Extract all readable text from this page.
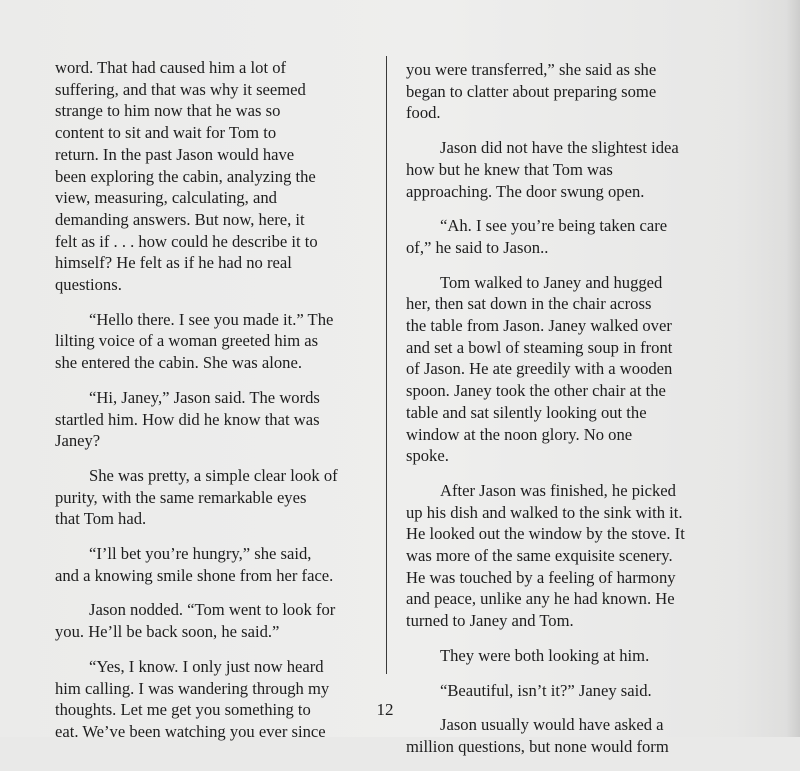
word. That had caused him a lot of
suffering, and that was why it seemed
strange to him now that he was so
content to sit and wait for Tom to
return. In the past Jason would have
been exploring the cabin, analyzing the
view, measuring, calculating, and
demanding answers. But now, here, it
felt as if . . . how could he describe it to
himself? He felt as if he had no real
questions.

“Hello there. I see you made it.” The
lilting voice of a woman greeted him as
she entered the cabin. She was alone.

“Hi, Janey,” Jason said. The words
startled him. How did he know that was
Janey?

She was pretty, a simple clear look of
purity, with the same remarkable eyes
that Tom had.

“I’ll bet you’re hungry,” she said,
and a knowing smile shone from her face.

Jason nodded. “Tom went to look for
you. He’ll be back soon, he said.”

“Yes, I know. I only just now heard
him calling. I was wandering through my
thoughts. Let me get you something to
eat. We’ve been watching you ever since

you were transferred,” she said as she
began to clatter about preparing some
food.

Jason did not have the slightest idea
how but he knew that Tom was
approaching. The door swung open.

“Ah. I see you’re being taken care
of,” he said to Jason..

Tom walked to Janey and hugged
her, then sat down in the chair across
the table from Jason. Janey walked over
and set a bowl of steaming soup in front
of Jason. He ate greedily with a wooden
spoon. Janey took the other chair at the
table and sat silently looking out the
window at the noon glory. No one
spoke.

After Jason was finished, he picked
up his dish and walked to the sink with it.
He looked out the window by the stove. It
was more of the same exquisite scenery.
He was touched by a feeling of harmony
and peace, unlike any he had known. He
turned to Janey and Tom.

They were both looking at him.

“Beautiful, isn’t it?” Janey said.

Jason usually would have asked a
million questions, but none would form

12
